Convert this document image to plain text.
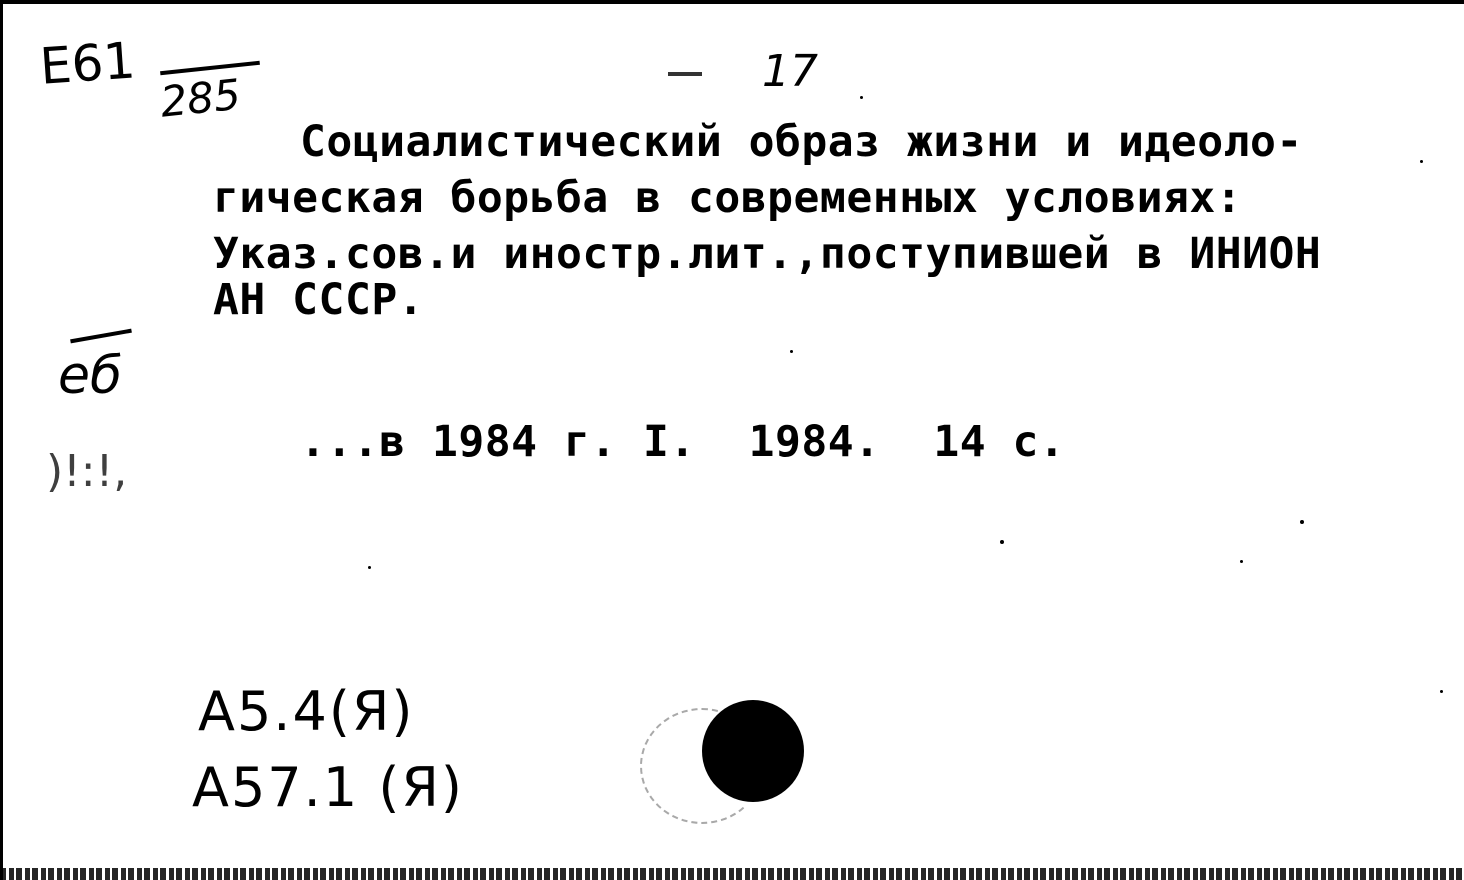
E61
285	17
Социалистический образ жизни и идеоло-
гическая борьба в современных условиях:
Указ.сов.и иностр.лит.,поступившей в ИНИОН
АН СССР.
еб
)!:!,
...в 1984 г. I.  1984.  14 с.
А5.4(Я)
А57.1 (Я)
